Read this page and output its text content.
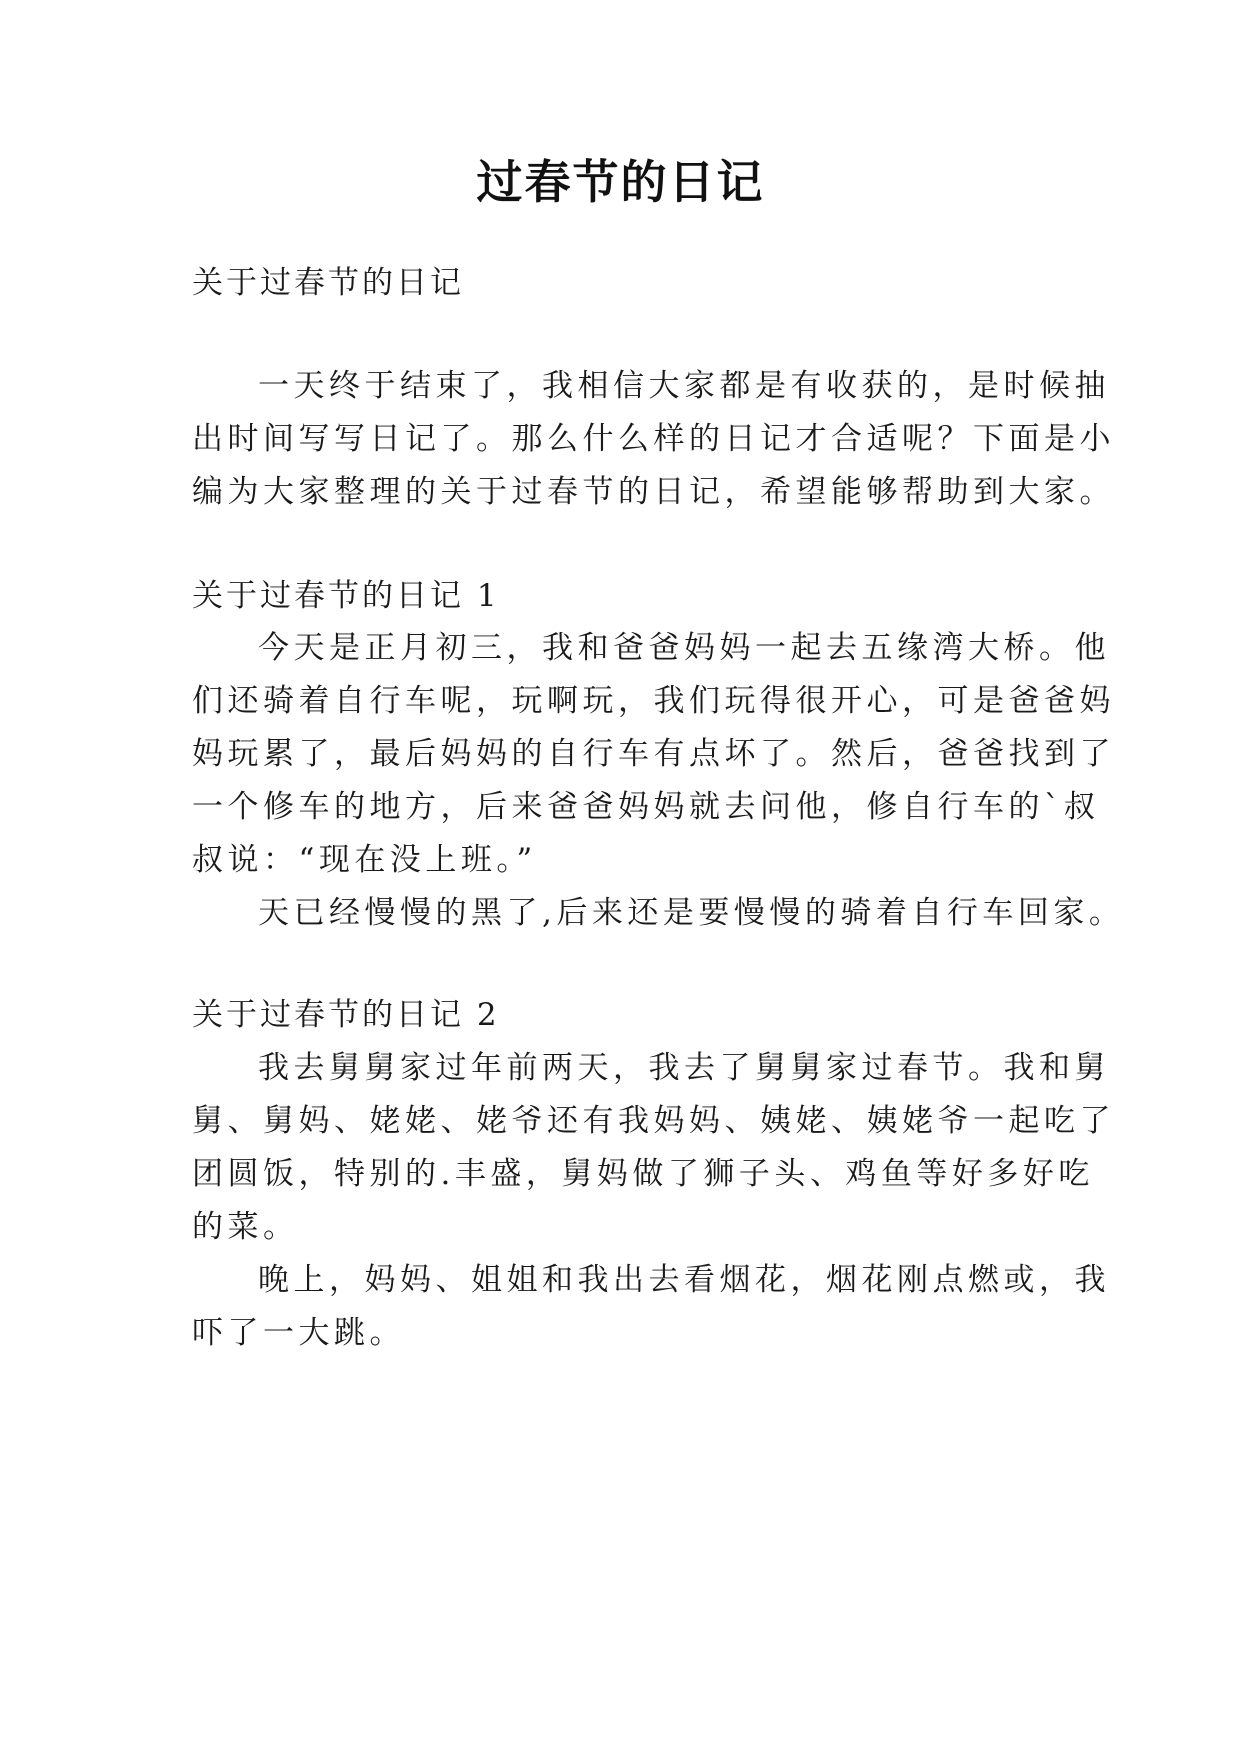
过春节的日记
关于过春节的日记
一天终于结束了，我相信大家都是有收获的，是时候抽
出时间写写日记了。那么什么样的日记才合适呢？下面是小
编为大家整理的关于过春节的日记，希望能够帮助到大家。
关于过春节的日记 1
今天是正月初三，我和爸爸妈妈一起去五缘湾大桥。他
们还骑着自行车呢，玩啊玩，我们玩得很开心，可是爸爸妈
妈玩累了，最后妈妈的自行车有点坏了。然后，爸爸找到了
一个修车的地方，后来爸爸妈妈就去问他，修自行车的`叔
叔说：“现在没上班。”
天已经慢慢的黑了,后来还是要慢慢的骑着自行车回家。
关于过春节的日记 2
我去舅舅家过年前两天，我去了舅舅家过春节。我和舅
舅、舅妈、姥姥、姥爷还有我妈妈、姨姥、姨姥爷一起吃了
团圆饭，特别的.丰盛，舅妈做了狮子头、鸡鱼等好多好吃
的菜。
晚上，妈妈、姐姐和我出去看烟花，烟花刚点燃或，我
吓了一大跳。
